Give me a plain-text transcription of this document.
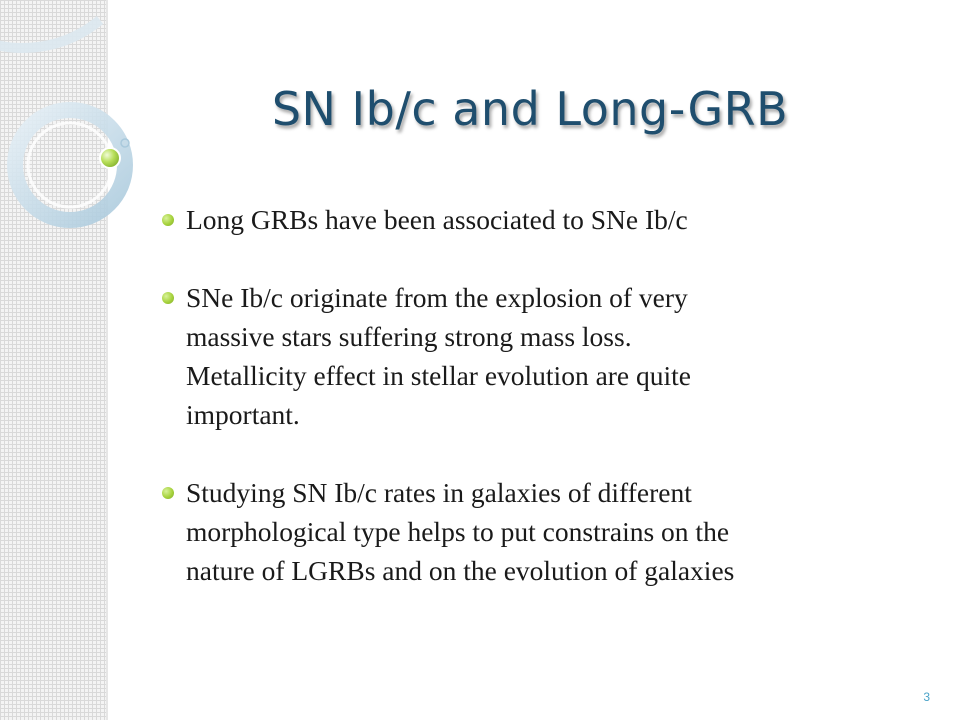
SN Ib/c and Long-GRB
Long GRBs have been associated to SNe Ib/c
SNe Ib/c originate from the explosion of very
massive stars suffering strong mass loss.
Metallicity effect in stellar evolution are quite
important.
Studying SN Ib/c rates in galaxies of different
morphological type helps to put constrains on the
nature of LGRBs and on the evolution of galaxies
3
